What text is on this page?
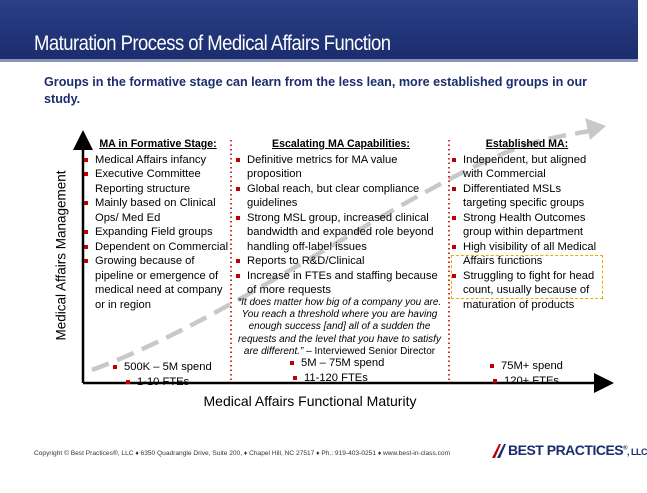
Maturation Process of Medical Affairs Function
Groups in the formative stage can learn from the less lean, more established groups in our study.
Medical Affairs Management
Medical Affairs Functional Maturity
MA in Formative Stage:
Medical Affairs infancy
Executive Committee Reporting structure
Mainly based on Clinical Ops/ Med Ed
Expanding Field groups
Dependent on Commercial
Growing because of pipeline or emergence of medical need at company or in region
Escalating MA Capabilities:
Definitive metrics for MA value proposition
Global reach, but clear compliance guidelines
Strong MSL group, increased clinical bandwidth and expanded role beyond handling off-label issues
Reports to R&D/Clinical
Increase in FTEs and staffing because of more requests
“It does matter how big of a company you are. You reach a threshold where you are having enough success [and] all of a sudden the requests and the level that you have to satisfy are different.” – Interviewed Senior Director
Established MA:
Independent, but aligned with Commercial
Differentiated MSLs targeting specific groups
Strong Health Outcomes group within department
High visibility of all Medical Affairs functions
Struggling to fight for head count, usually because of maturation of products
500K – 5M spend
1-10 FTEs
5M – 75M spend
11-120 FTEs
75M+ spend
120+ FTEs
Copyright © Best Practices®, LLC ♦ 6350 Quadrangle Drive, Suite 200, ♦ Chapel Hill, NC 27517 ♦ Ph.: 919-403-0251 ♦ www.best-in-class.com	BEST PRACTICES®, LLC
